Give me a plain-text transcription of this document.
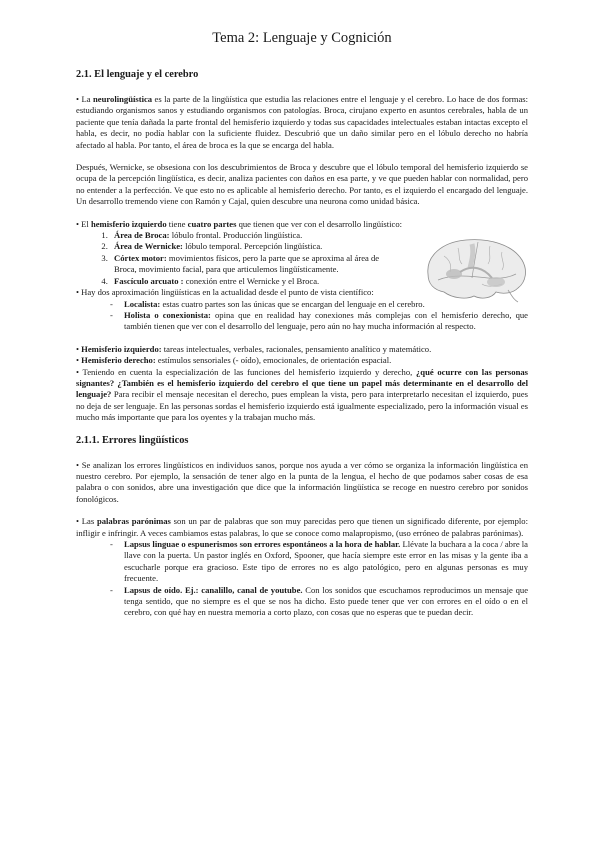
Tema 2: Lenguaje y Cognición
2.1. El lenguaje y el cerebro
• La neurolingüística es la parte de la lingüística que estudia las relaciones entre el lenguaje y el cerebro. Lo hace de dos formas: estudiando organismos sanos y estudiando organismos con patologías. Broca, cirujano experto en asuntos cerebrales, habla de un paciente que tenía dañada la parte frontal del hemisferio izquierdo y todas sus capacidades intelectuales estaban intactas excepto el habla, es decir, no podía hablar con la suficiente fluidez. Descubrió que un daño similar pero en el lóbulo derecho no habría afectado al habla. Por tanto, el área de broca es la que se encarga del habla.
Después, Wernicke, se obsesiona con los descubrimientos de Broca y descubre que el lóbulo temporal del hemisferio izquierdo se ocupa de la percepción lingüística, es decir, analiza pacientes con daños en esa parte, y ve que pueden hablar con normalidad, pero no entender a la perfección. Ve que esto no es aplicable al hemisferio derecho. Por tanto, es el izquierdo el encargado del lenguaje. Un desarrollo tremendo viene con Ramón y Cajal, quien descubre una neurona como unidad básica.
• El hemisferio izquierdo tiene cuatro partes que tienen que ver con el desarrollo lingüístico:
1. Área de Broca: lóbulo frontal. Producción lingüística.
2. Área de Wernicke: lóbulo temporal. Percepción lingüística.
3. Córtex motor: movimientos físicos, pero la parte que se aproxima al área de Broca, movimiento facial, para que articulemos lingüísticamente.
4. Fascículo arcuato : conexión entre el Wernicke y el Broca.
• Hay dos aproximación lingüísticas en la actualidad desde el punto de vista científico:
- Localista: estas cuatro partes son las únicas que se encargan del lenguaje en el cerebro.
- Holista o conexionista: opina que en realidad hay conexiones más complejas con el hemisferio derecho, que también tienen que ver con el desarrollo del lenguaje, pero aún no hay mucha información al respecto.
• Hemisferio izquierdo: tareas intelectuales, verbales, racionales, pensamiento analítico y matemático.
• Hemisferio derecho: estímulos sensoriales (- oído), emocionales, de orientación espacial.
• Teniendo en cuenta la especialización de las funciones del hemisferio izquierdo y derecho, ¿qué ocurre con las personas signantes? ¿También es el hemisferio izquierdo del cerebro el que tiene un papel más determinante en el desarrollo del lenguaje? Para recibir el mensaje necesitan el derecho, pues emplean la vista, pero para interpretarlo necesitan el izquierdo, pues no deja de ser lenguaje. En las personas sordas el hemisferio izquierdo está igualmente especializado, pero la información visual es mucho más importante que para los oyentes y la trabajan mucho más.
2.1.1. Errores lingüísticos
• Se analizan los errores lingüísticos en individuos sanos, porque nos ayuda a ver cómo se organiza la información lingüística en nuestro cerebro. Por ejemplo, la sensación de tener algo en la punta de la lengua, el hecho de que podamos saber cosas de esa palabra o con sonidos, abre una investigación que dice que la información lingüística se recoge en nuestro cerebro por sonidos fonológicos.
• Las palabras parónimas son un par de palabras que son muy parecidas pero que tienen un significado diferente, por ejemplo: infligir e infringir. A veces cambiamos estas palabras, lo que se conoce como malapropismo, (uso erróneo de palabras parónimas).
- Lapsus linguae o espunerismos son errores espontáneos a la hora de hablar. Llévate la buchara a la coca / abre la llave con la puerta. Un pastor inglés en Oxford, Spooner, que hacía siempre este error en las misas y la gente iba a escucharle porque era gracioso. Este tipo de errores no es algo patológico, pero en algunas personas es muy frecuente.
- Lapsus de oído. Ej.: canalillo, canal de youtube. Con los sonidos que escuchamos reproducimos un mensaje que tenga sentido, que no siempre es el que se nos ha dicho. Esto puede tener que ver con errores en el oído o en el cerebro, con qué hay en nuestra memoria a corto plazo, con cosas que no esperas que te puedan decir.
